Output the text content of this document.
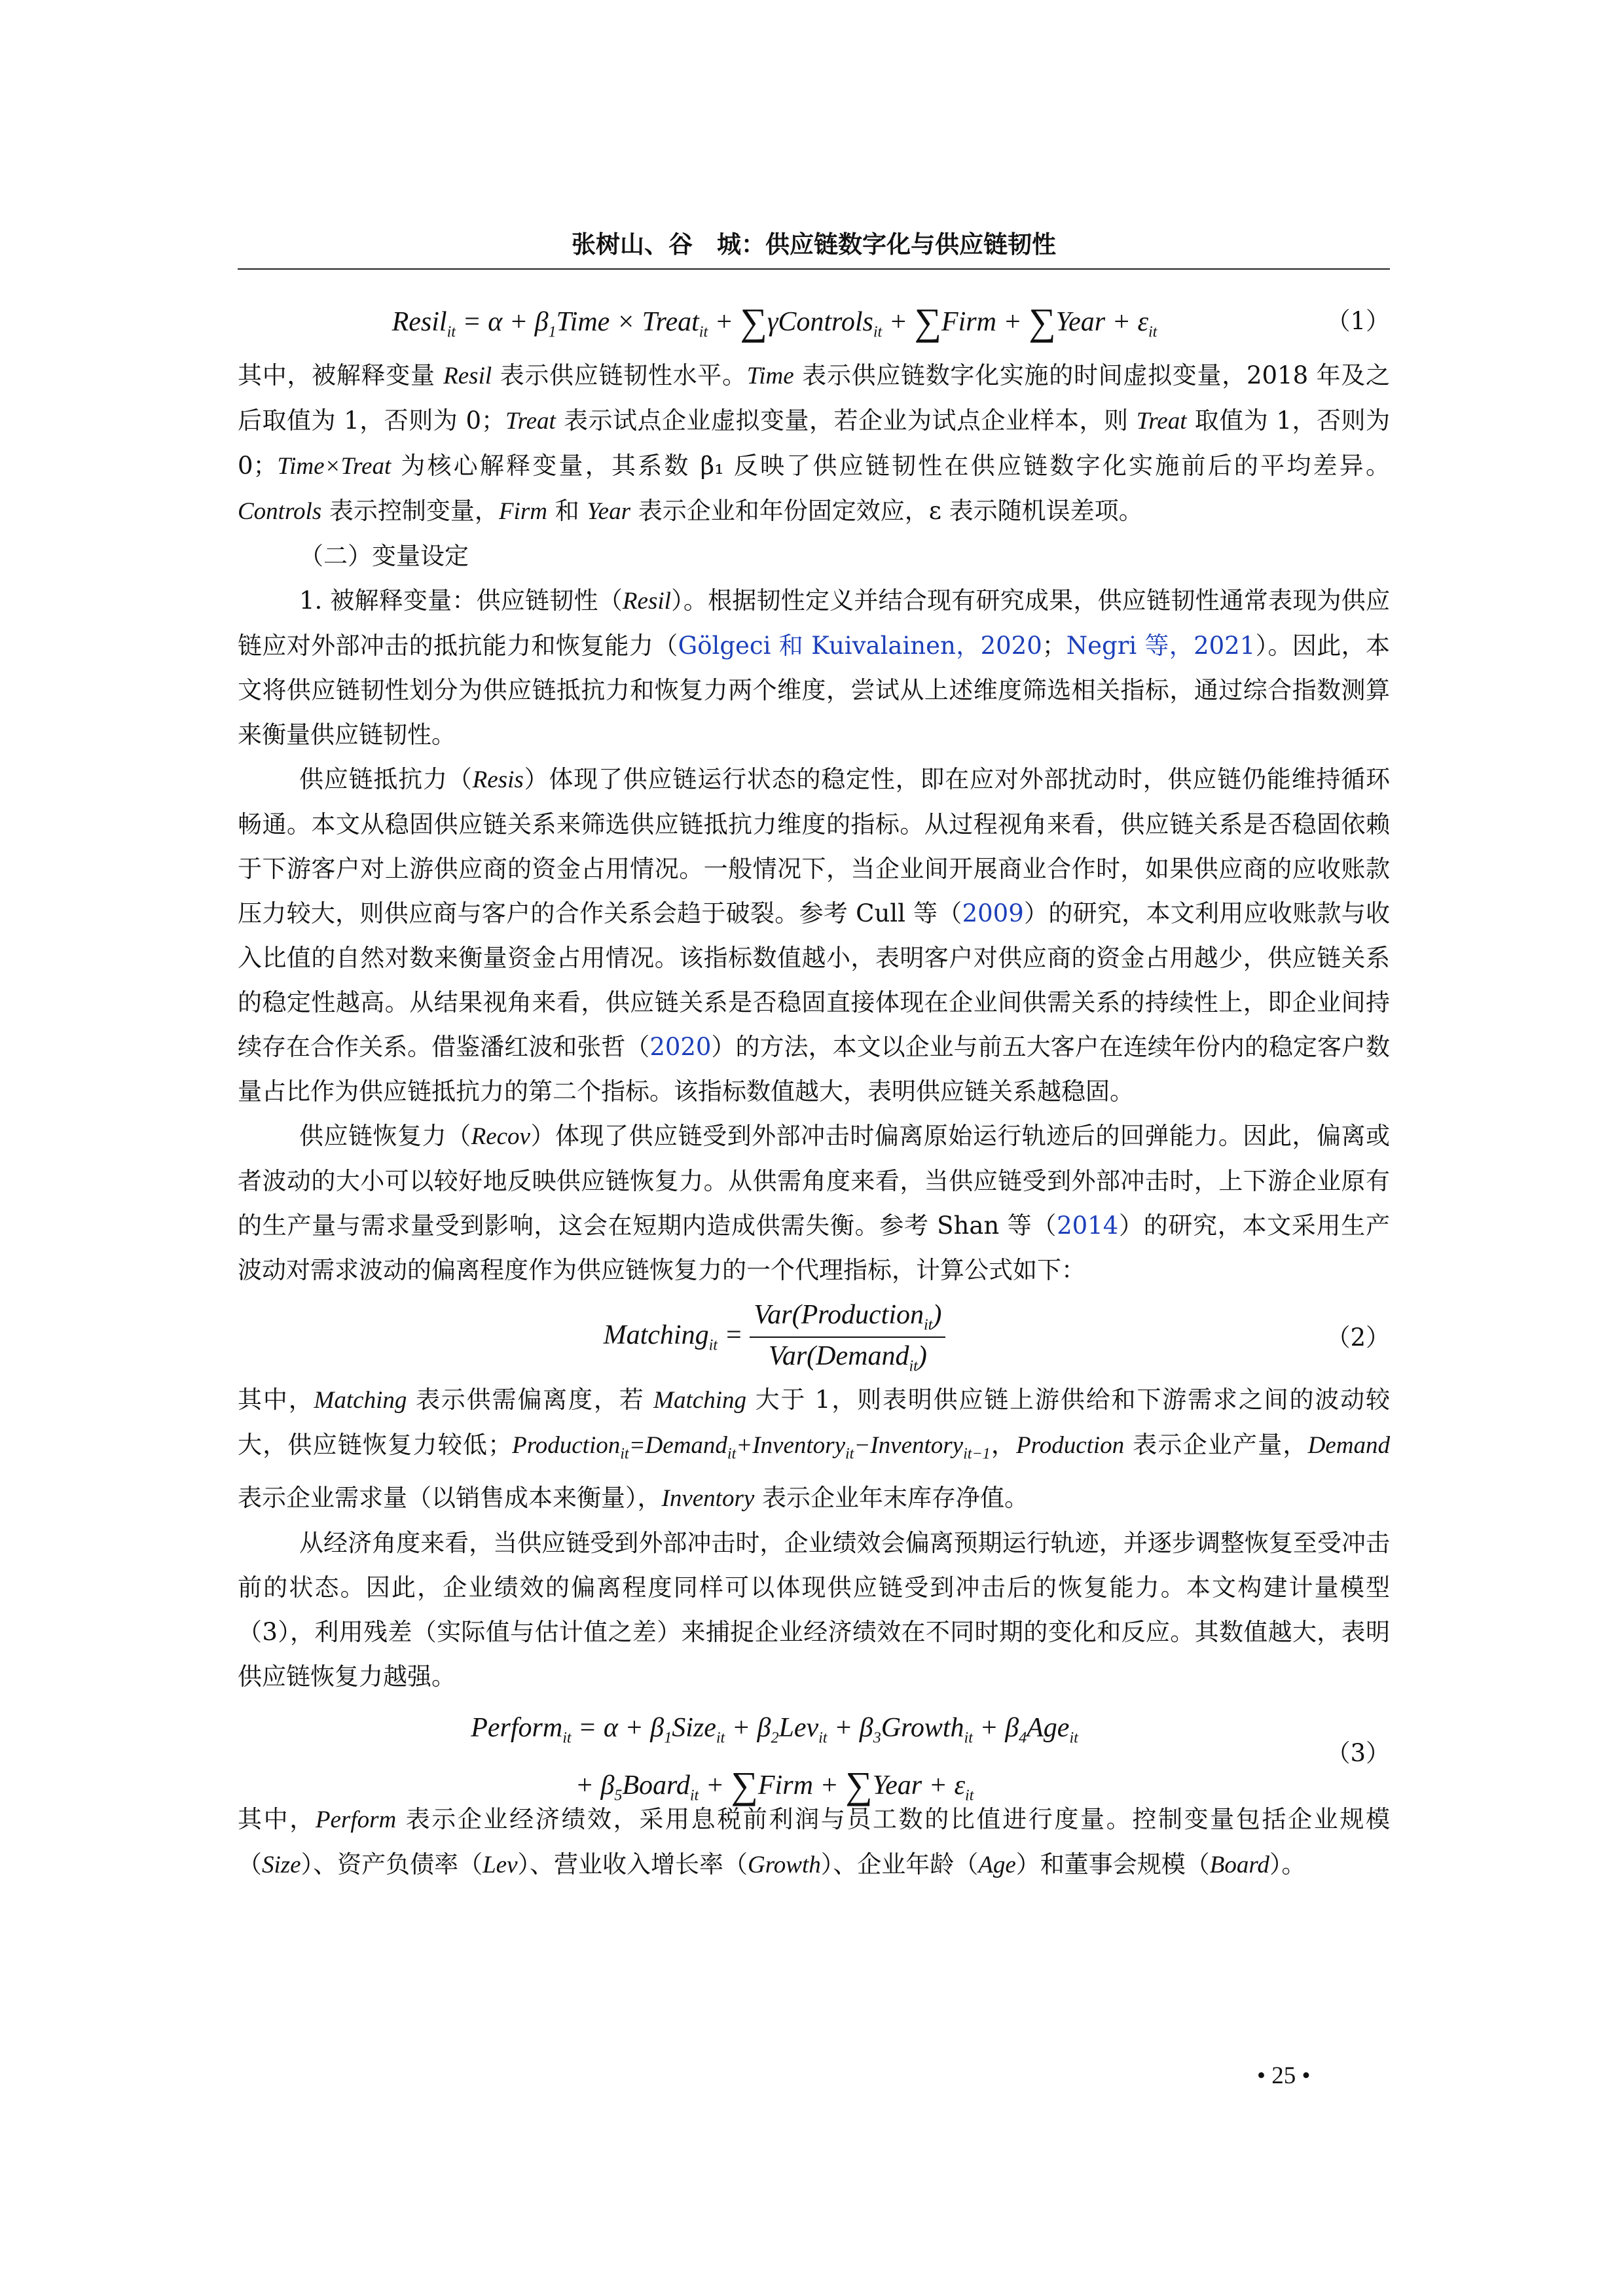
张树山、谷　城：供应链数字化与供应链韧性
Resil$_{it}$ = $\alpha + \beta_1Time$ × Treat$_{it}$ + ∑γControls$_{it}$ + ∑Firm + ∑Year + $\varepsilon_{it}$	（1）

其中，被解释变量 Resil 表示供应链韧性水平。Time 表示供应链数字化实施的时间虚拟变量，2018 年及之后取值为 1，否则为 0；Treat 表示试点企业虚拟变量，若企业为试点企业样本，则 Treat 取值为 1，否则为 0；Time×Treat 为核心解释变量，其系数 β₁ 反映了供应链韧性在供应链数字化实施前后的平均差异。Controls 表示控制变量，Firm 和 Year 表示企业和年份固定效应，ε 表示随机误差项。

（二）变量设定

1. 被解释变量：供应链韧性（Resil）。根据韧性定义并结合现有研究成果，供应链韧性通常表现为供应链应对外部冲击的抵抗能力和恢复能力（Gölgeci 和 Kuivalainen，2020；Negri 等，2021）。因此，本文将供应链韧性划分为供应链抵抗力和恢复力两个维度，尝试从上述维度筛选相关指标，通过综合指数测算来衡量供应链韧性。

供应链抵抗力（Resis）体现了供应链运行状态的稳定性，即在应对外部扰动时，供应链仍能维持循环畅通。本文从稳固供应链关系来筛选供应链抵抗力维度的指标。从过程视角来看，供应链关系是否稳固依赖于下游客户对上游供应商的资金占用情况。一般情况下，当企业间开展商业合作时，如果供应商的应收账款压力较大，则供应商与客户的合作关系会趋于破裂。参考 Cull 等（2009）的研究，本文利用应收账款与收入比值的自然对数来衡量资金占用情况。该指标数值越小，表明客户对供应商的资金占用越少，供应链关系的稳定性越高。从结果视角来看，供应链关系是否稳固直接体现在企业间供需关系的持续性上，即企业间持续存在合作关系。借鉴潘红波和张哲（2020）的方法，本文以企业与前五大客户在连续年份内的稳定客户数量占比作为供应链抵抗力的第二个指标。该指标数值越大，表明供应链关系越稳固。

供应链恢复力（Recov）体现了供应链受到外部冲击时偏离原始运行轨迹后的回弹能力。因此，偏离或者波动的大小可以较好地反映供应链恢复力。从供需角度来看，当供应链受到外部冲击时，上下游企业原有的生产量与需求量受到影响，这会在短期内造成供需失衡。参考 Shan 等（2014）的研究，本文采用生产波动对需求波动的偏离程度作为供应链恢复力的一个代理指标，计算公式如下：

Matching$_{it}$ = $\frac{Var(Production_{it})}{Var(Demand_{it})}$	（2）

其中，Matching 表示供需偏离度，若 Matching 大于 1，则表明供应链上游供给和下游需求之间的波动较大，供应链恢复力较低；Production$_{it}$=Demand$_{it}$+Inventory$_{it}$−Inventory$_{it-1}$，Production 表示企业产量，Demand 表示企业需求量（以销售成本来衡量），Inventory 表示企业年末库存净值。

从经济角度来看，当供应链受到外部冲击时，企业绩效会偏离预期运行轨迹，并逐步调整恢复至受冲击前的状态。因此，企业绩效的偏离程度同样可以体现供应链受到冲击后的恢复能力。本文构建计量模型（3），利用残差（实际值与估计值之差）来捕捉企业经济绩效在不同时期的变化和反应。其数值越大，表明供应链恢复力越强。

Perform$_{it}$ = $\alpha + \beta_1Size_{it} + \beta_2Lev_{it}$ + $\beta_3Growth_{it} + \beta_4Age_{it}$
+ $\beta_5Board_{it}$ + ∑Firm + ∑Year + $\varepsilon_{it}$
（3）

其中，Perform 表示企业经济绩效，采用息税前利润与员工数的比值进行度量。控制变量包括企业规模（Size）、资产负债率（Lev）、营业收入增长率（Growth）、企业年龄（Age）和董事会规模（Board）。

• 25 •
